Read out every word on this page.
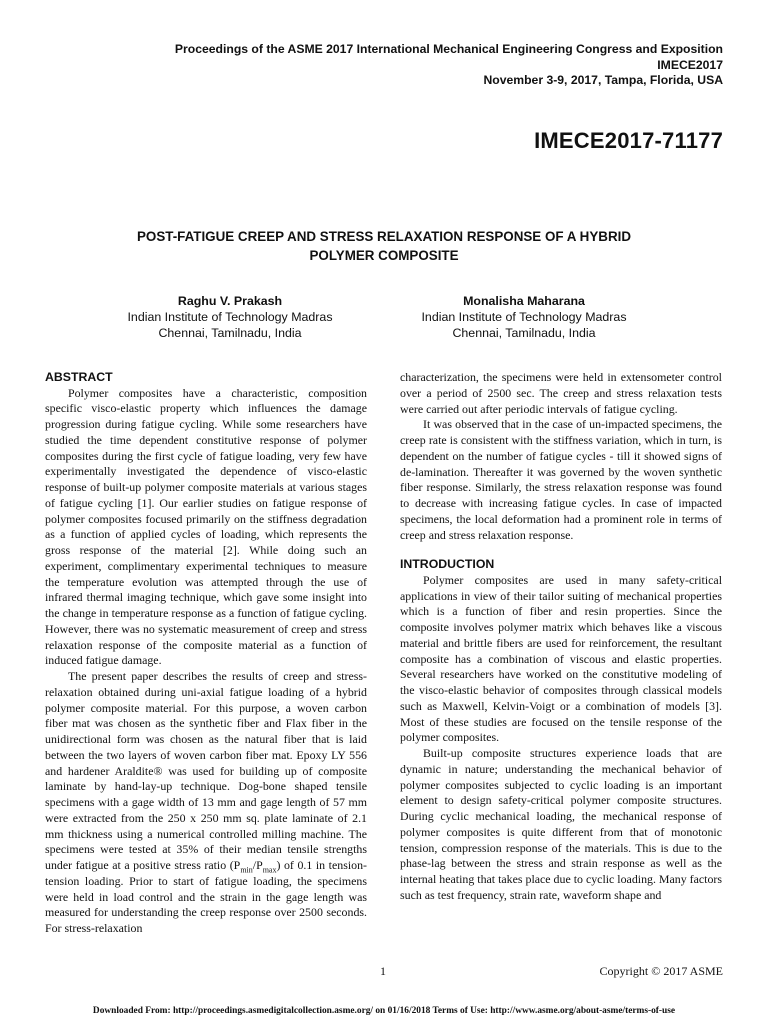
Proceedings of the ASME 2017 International Mechanical Engineering Congress and Exposition
IMECE2017
November 3-9, 2017, Tampa, Florida, USA
IMECE2017-71177
POST-FATIGUE CREEP AND STRESS RELAXATION RESPONSE OF A HYBRID
POLYMER COMPOSITE
Raghu V. Prakash
Indian Institute of Technology Madras
Chennai, Tamilnadu, India
Monalisha Maharana
Indian Institute of Technology Madras
Chennai, Tamilnadu, India
ABSTRACT

Polymer composites have a characteristic, composition specific visco-elastic property which influences the damage progression during fatigue cycling. While some researchers have studied the time dependent constitutive response of polymer composites during the first cycle of fatigue loading, very few have experimentally investigated the dependence of visco-elastic response of built-up polymer composite materials at various stages of fatigue cycling [1]. Our earlier studies on fatigue response of polymer composites focused primarily on the stiffness degradation as a function of applied cycles of loading, which represents the gross response of the material [2]. While doing such an experiment, complimentary experimental techniques to measure the temperature evolution was attempted through the use of infrared thermal imaging technique, which gave some insight into the change in temperature response as a function of fatigue cycling. However, there was no systematic measurement of creep and stress relaxation response of the composite material as a function of induced fatigue damage.

The present paper describes the results of creep and stress-relaxation obtained during uni-axial fatigue loading of a hybrid polymer composite material. For this purpose, a woven carbon fiber mat was chosen as the synthetic fiber and Flax fiber in the unidirectional form was chosen as the natural fiber that is laid between the two layers of woven carbon fiber mat. Epoxy LY 556 and hardener Araldite® was used for building up of composite laminate by hand-lay-up technique. Dog-bone shaped tensile specimens with a gage width of 13 mm and gage length of 57 mm were extracted from the 250 x 250 mm sq. plate laminate of 2.1 mm thickness using a numerical controlled milling machine. The specimens were tested at 35% of their median tensile strengths under fatigue at a positive stress ratio $(P_{min}/P_{max})$ of 0.1 in tension-tension loading. Prior to start of fatigue loading, the specimens were held in load control and the strain in the gage length was measured for understanding the creep response over 2500 seconds. For stress-relaxation

characterization, the specimens were held in extensometer control over a period of 2500 sec. The creep and stress relaxation tests were carried out after periodic intervals of fatigue cycling.

It was observed that in the case of un-impacted specimens, the creep rate is consistent with the stiffness variation, which in turn, is dependent on the number of fatigue cycles - till it showed signs of de-lamination. Thereafter it was governed by the woven synthetic fiber response. Similarly, the stress relaxation response was found to decrease with increasing fatigue cycles. In case of impacted specimens, the local deformation had a prominent role in terms of creep and stress relaxation response.

INTRODUCTION

Polymer composites are used in many safety-critical applications in view of their tailor suiting of mechanical properties which is a function of fiber and resin properties. Since the composite involves polymer matrix which behaves like a viscous material and brittle fibers are used for reinforcement, the resultant composite has a combination of viscous and elastic properties. Several researchers have worked on the constitutive modeling of the visco-elastic behavior of composites through classical models such as Maxwell, Kelvin-Voigt or a combination of models [3]. Most of these studies are focused on the tensile response of the polymer composites.

Built-up composite structures experience loads that are dynamic in nature; understanding the mechanical behavior of polymer composites subjected to cyclic loading is an important element to design safety-critical polymer composite structures. During cyclic mechanical loading, the mechanical response of polymer composites is quite different from that of monotonic tension, compression response of the materials. This is due to the phase-lag between the stress and strain response as well as the internal heating that takes place due to cyclic loading. Many factors such as test frequency, strain rate, waveform shape and

1	Copyright © 2017 ASME
Downloaded From: http://proceedings.asmedigitalcollection.asme.org/ on 01/16/2018 Terms of Use: http://www.asme.org/about-asme/terms-of-use
